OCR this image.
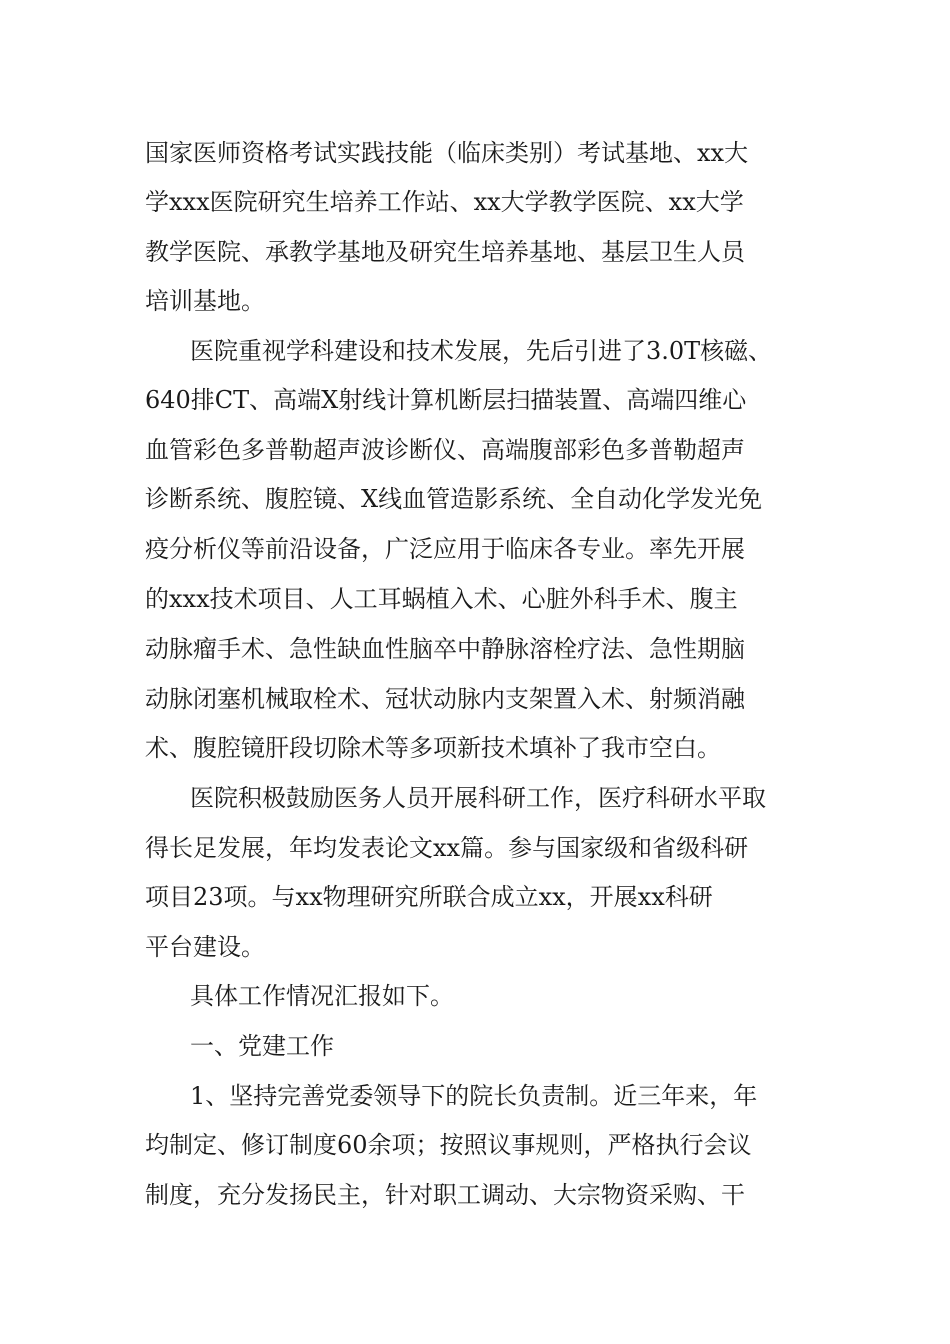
国家医师资格考试实践技能（临床类别）考试基地、xx大
学xxx医院研究生培养工作站、xx大学教学医院、xx大学
教学医院、承教学基地及研究生培养基地、基层卫生人员
培训基地。
医院重视学科建设和技术发展，先后引进了3.0T核磁、
640排CT、高端X射线计算机断层扫描装置、高端四维心
血管彩色多普勒超声波诊断仪、高端腹部彩色多普勒超声
诊断系统、腹腔镜、X线血管造影系统、全自动化学发光免
疫分析仪等前沿设备，广泛应用于临床各专业。率先开展
的xxx技术项目、人工耳蜗植入术、心脏外科手术、腹主
动脉瘤手术、急性缺血性脑卒中静脉溶栓疗法、急性期脑
动脉闭塞机械取栓术、冠状动脉内支架置入术、射频消融
术、腹腔镜肝段切除术等多项新技术填补了我市空白。
医院积极鼓励医务人员开展科研工作，医疗科研水平取
得长足发展，年均发表论文xx篇。参与国家级和省级科研
项目23项。与xx物理研究所联合成立xx，开展xx科研
平台建设。
具体工作情况汇报如下。
一、党建工作
1、坚持完善党委领导下的院长负责制。近三年来，年
均制定、修订制度60余项；按照议事规则，严格执行会议
制度，充分发扬民主，针对职工调动、大宗物资采购、干
